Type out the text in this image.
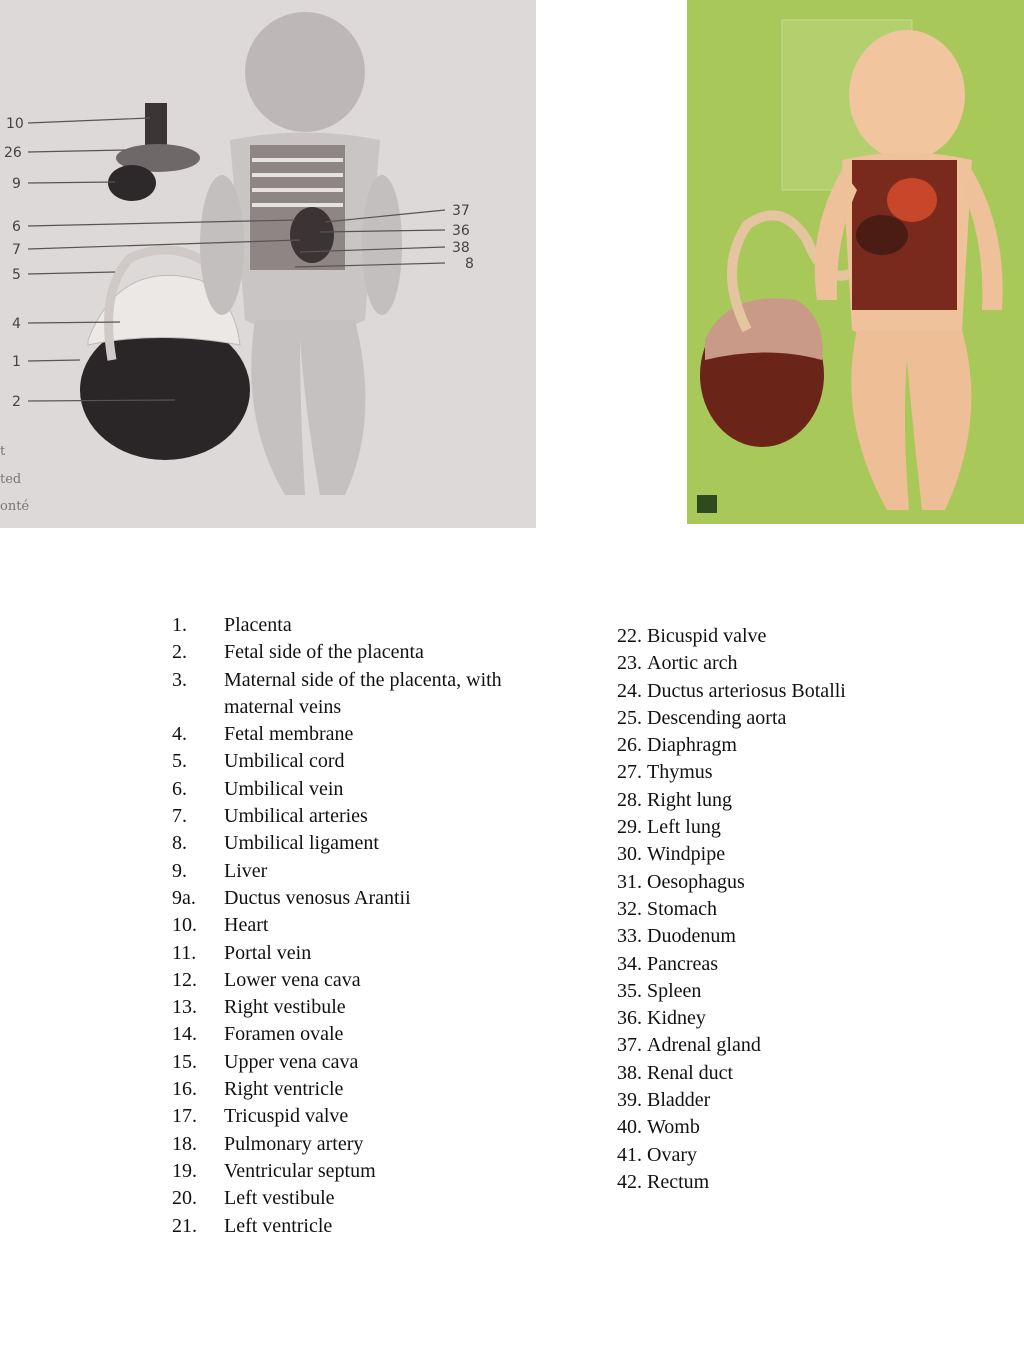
10
26
9
6
7
5
4
1
2
37
36
38
8
t
ted
onté
1.	Placenta
2.	Fetal side of the placenta
3.	Maternal side of the placenta, with maternal veins
4.	Fetal membrane
5.	Umbilical cord
6.	Umbilical vein
7.	Umbilical arteries
8.	Umbilical ligament
9.	Liver
9a.	Ductus venosus Arantii
10.	Heart
11.	Portal vein
12.	Lower vena cava
13.	Right vestibule
14.	Foramen ovale
15.	Upper vena cava
16.	Right ventricle
17.	Tricuspid valve
18.	Pulmonary artery
19.	Ventricular septum
20.	Left vestibule
21.	Left ventricle
22. Bicuspid valve
23. Aortic arch
24. Ductus arteriosus Botalli
25. Descending aorta
26. Diaphragm
27. Thymus
28. Right lung
29. Left lung
30. Windpipe
31. Oesophagus
32. Stomach
33. Duodenum
34. Pancreas
35. Spleen
36. Kidney
37. Adrenal gland
38. Renal duct
39. Bladder
40. Womb
41. Ovary
42. Rectum
